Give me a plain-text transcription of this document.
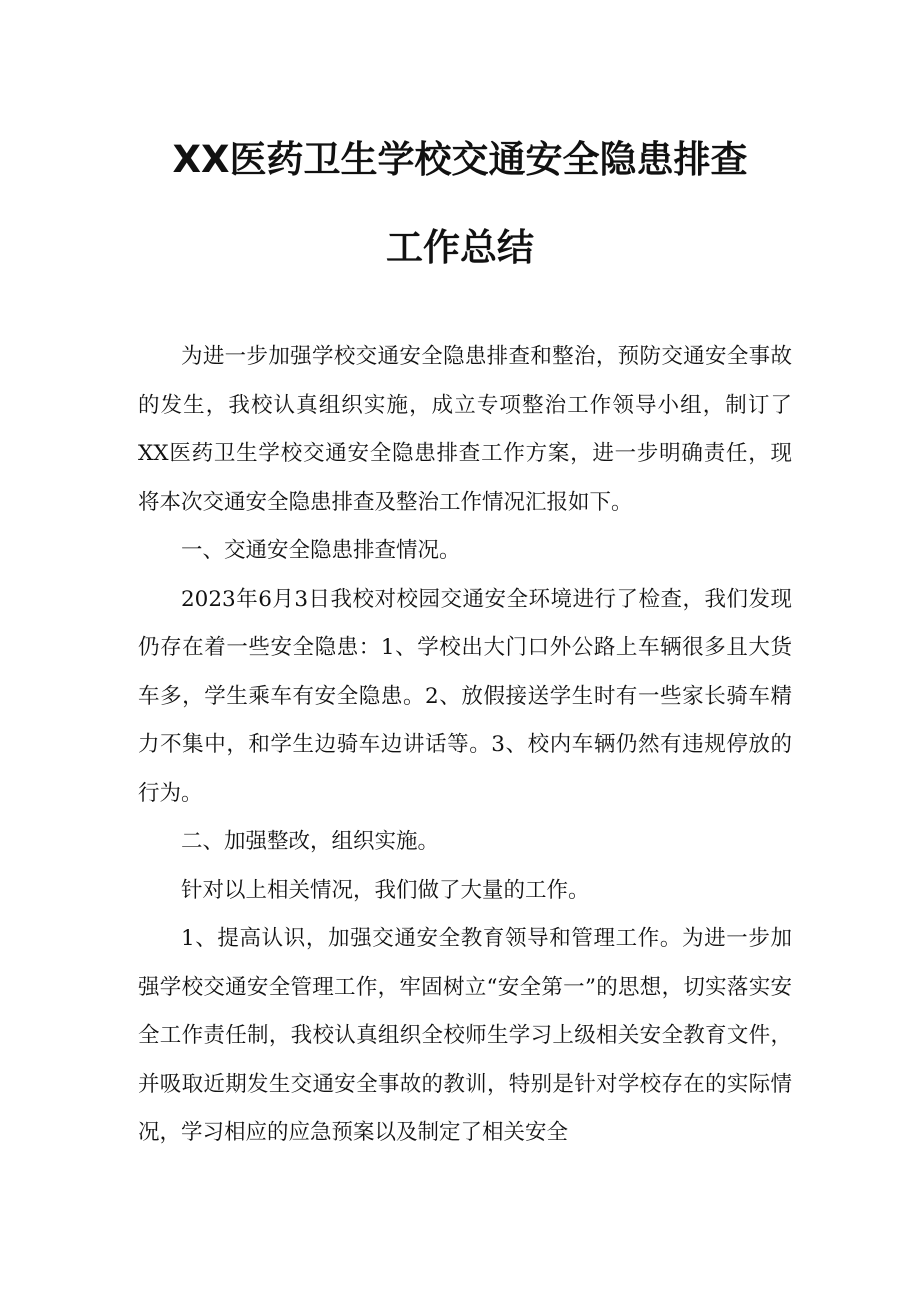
XX医药卫生学校交通安全隐患排查
工作总结

为进一步加强学校交通安全隐患排查和整治，预防交通安全事故的发生，我校认真组织实施，成立专项整治工作领导小组，制订了XX医药卫生学校交通安全隐患排查工作方案，进一步明确责任，现将本次交通安全隐患排查及整治工作情况汇报如下。

一、交通安全隐患排查情况。

2023年6月3日我校对校园交通安全环境进行了检查，我们发现仍存在着一些安全隐患：1、学校出大门口外公路上车辆很多且大货车多，学生乘车有安全隐患。2、放假接送学生时有一些家长骑车精力不集中，和学生边骑车边讲话等。3、校内车辆仍然有违规停放的行为。

二、加强整改，组织实施。

针对以上相关情况，我们做了大量的工作。

1、提高认识，加强交通安全教育领导和管理工作。为进一步加强学校交通安全管理工作，牢固树立“安全第一”的思想，切实落实安全工作责任制，我校认真组织全校师生学习上级相关安全教育文件，并吸取近期发生交通安全事故的教训，特别是针对学校存在的实际情况，学习相应的应急预案以及制定了相关安全
